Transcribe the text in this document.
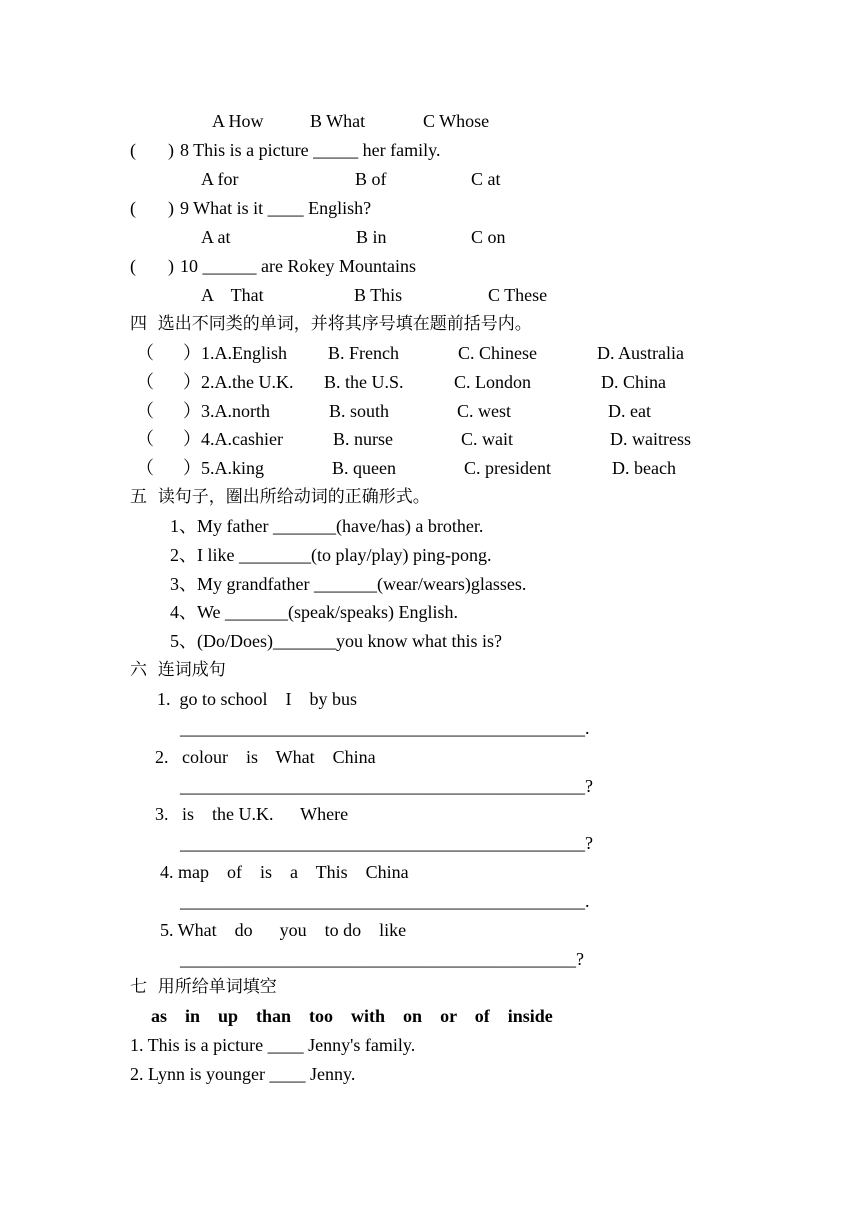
A How	B What	C Whose
( ) 8 This is a picture _____ her family.
A for	B of	C at
( ) 9 What is it ____ English?
A at	B in	C on
( ) 10 ______ are Rokey Mountains
A    That	B This	C These
四  选出不同类的单词，并将其序号填在题前括号内。
（ ）1.A.English B. French	C. Chinese	D. Australia
（ ）2.A.the U.K. B. the U.S.	C. London	D. China
（ ）3.A.north	B. south	C. west	D. eat
（ ）4.A.cashier	B. nurse	C. wait	D. waitress
（ ）5.A.king	B. queen	C. president	D. beach
五  读句子，圈出所给动词的正确形式。
1、My father _______(have/has) a brother.
2、I like ________(to play/play) ping-pong.
3、My grandfather _______(wear/wears)glasses.
4、We _______(speak/speaks) English.
5、(Do/Does)_______you know what this is?
六  连词成句
1.  go to school    I    by bus
_____________________________________________.
2.   colour    is    What    China
_____________________________________________?
3.   is    the U.K.      Where
_____________________________________________?
4. map    of    is    a    This    China
_____________________________________________.
5. What    do      you    to do    like
____________________________________________?
七  用所给单词填空
as    in    up    than    too    with    on    or    of    inside
1. This is a picture ____ Jenny's family.
2. Lynn is younger ____ Jenny.
